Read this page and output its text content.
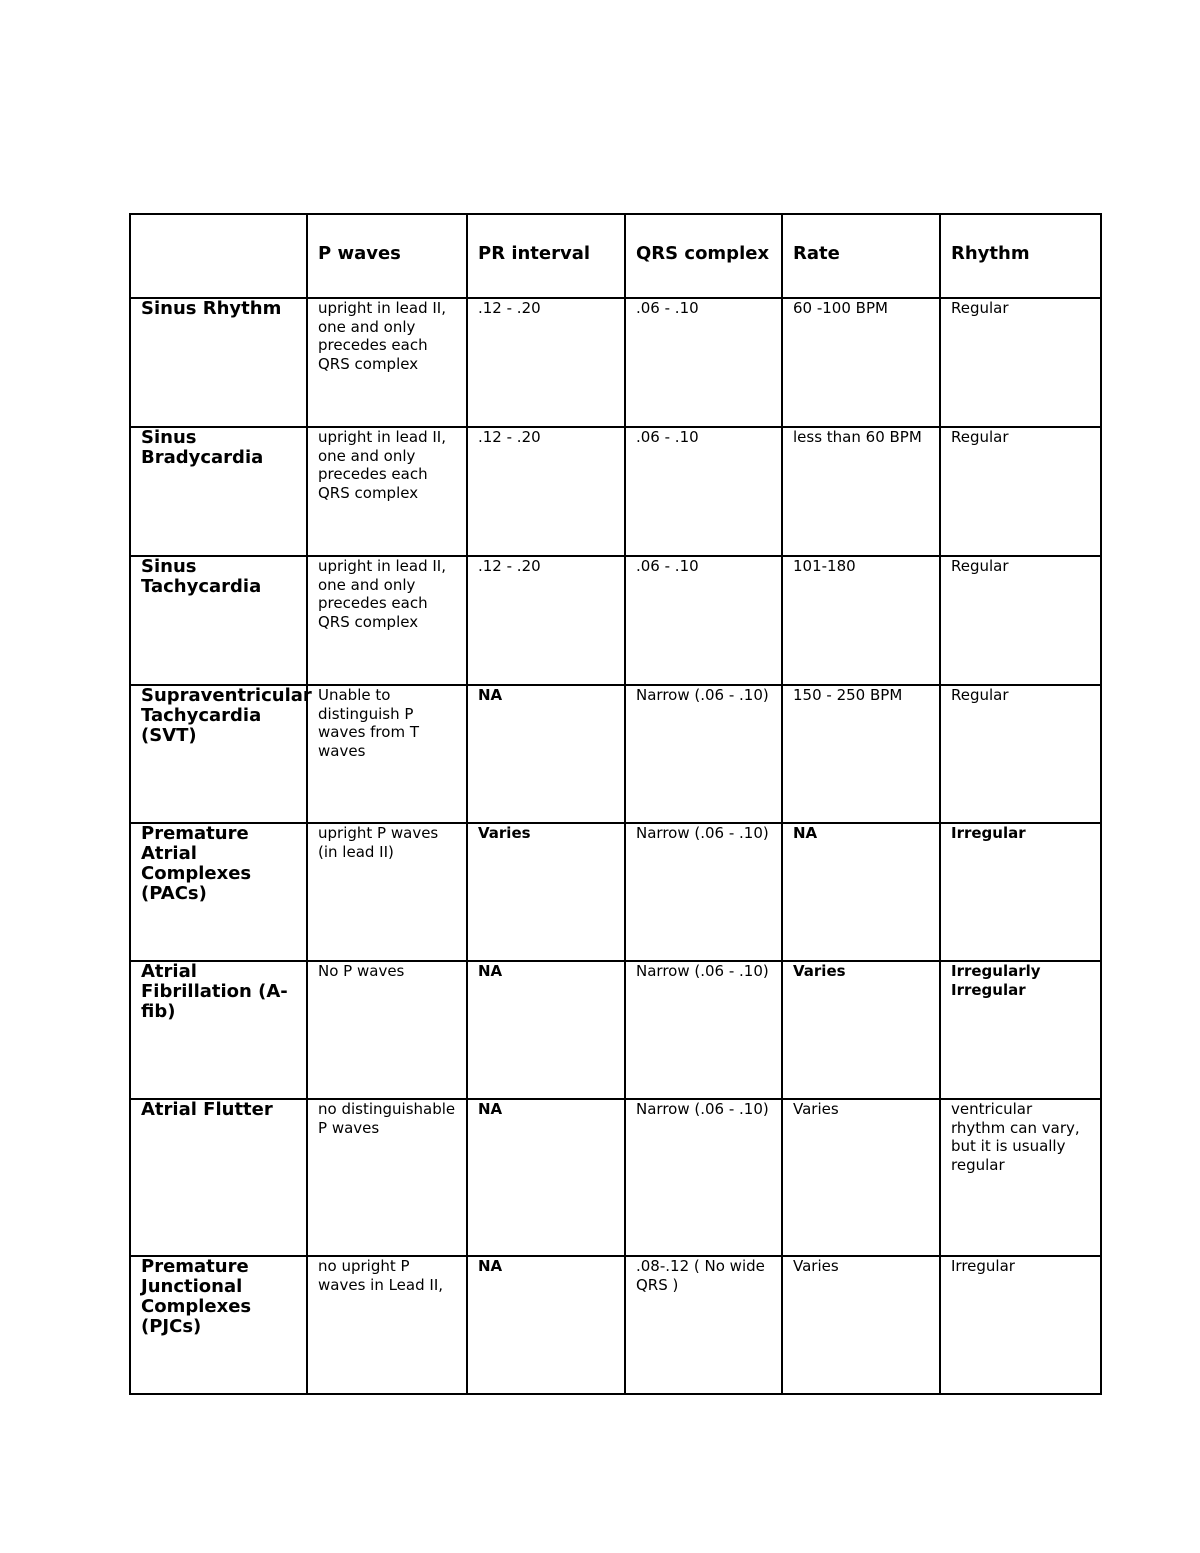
	P waves	PR interval	QRS complex	Rate	Rhythm
Sinus Rhythm	upright in lead II, one and only precedes each QRS complex	.12 - .20	.06 - .10	60 -100 BPM	Regular
Sinus Bradycardia	upright in lead II, one and only precedes each QRS complex	.12 - .20	.06 - .10	less than 60 BPM	Regular
Sinus Tachycardia	upright in lead II, one and only precedes each QRS complex	.12 - .20	.06 - .10	101-180	Regular
Supraventricular Tachycardia (SVT)	Unable to distinguish P waves from T waves	NA	Narrow (.06 - .10)	150 - 250 BPM	Regular
Premature Atrial Complexes (PACs)	upright P waves (in lead II)	Varies	Narrow (.06 - .10)	NA	Irregular
Atrial Fibrillation (A-fib)	No P waves	NA	Narrow (.06 - .10)	Varies	Irregularly Irregular
Atrial Flutter	no distinguishable P waves	NA	Narrow (.06 - .10)	Varies	ventricular rhythm can vary, but it is usually regular
Premature Junctional Complexes (PJCs)	no upright P waves in Lead II,	NA	.08-.12 ( No wide QRS )	Varies	Irregular
